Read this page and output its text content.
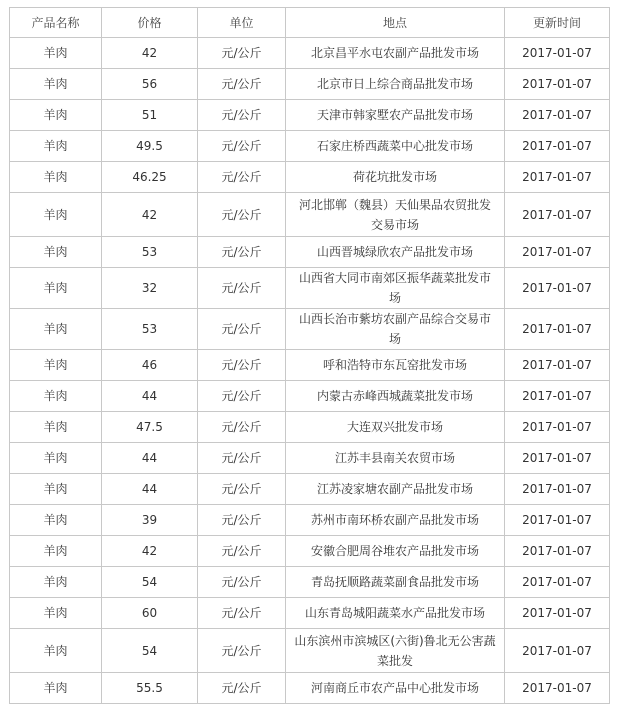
产品名称	价格	单位	地点	更新时间
羊肉	42	元/公斤	北京昌平水屯农副产品批发市场	2017-01-07
羊肉	56	元/公斤	北京市日上综合商品批发市场	2017-01-07
羊肉	51	元/公斤	天津市韩家墅农产品批发市场	2017-01-07
羊肉	49.5	元/公斤	石家庄桥西蔬菜中心批发市场	2017-01-07
羊肉	46.25	元/公斤	荷花坑批发市场	2017-01-07
羊肉	42	元/公斤	河北邯郸（魏县）天仙果品农贸批发交易市场	2017-01-07
羊肉	53	元/公斤	山西晋城绿欣农产品批发市场	2017-01-07
羊肉	32	元/公斤	山西省大同市南郊区振华蔬菜批发市场	2017-01-07
羊肉	53	元/公斤	山西长治市紫坊农副产品综合交易市场	2017-01-07
羊肉	46	元/公斤	呼和浩特市东瓦窑批发市场	2017-01-07
羊肉	44	元/公斤	内蒙古赤峰西城蔬菜批发市场	2017-01-07
羊肉	47.5	元/公斤	大连双兴批发市场	2017-01-07
羊肉	44	元/公斤	江苏丰县南关农贸市场	2017-01-07
羊肉	44	元/公斤	江苏凌家塘农副产品批发市场	2017-01-07
羊肉	39	元/公斤	苏州市南环桥农副产品批发市场	2017-01-07
羊肉	42	元/公斤	安徽合肥周谷堆农产品批发市场	2017-01-07
羊肉	54	元/公斤	青岛抚顺路蔬菜副食品批发市场	2017-01-07
羊肉	60	元/公斤	山东青岛城阳蔬菜水产品批发市场	2017-01-07
羊肉	54	元/公斤	山东滨州市滨城区(六街)鲁北无公害蔬菜批发	2017-01-07
羊肉	55.5	元/公斤	河南商丘市农产品中心批发市场	2017-01-07
